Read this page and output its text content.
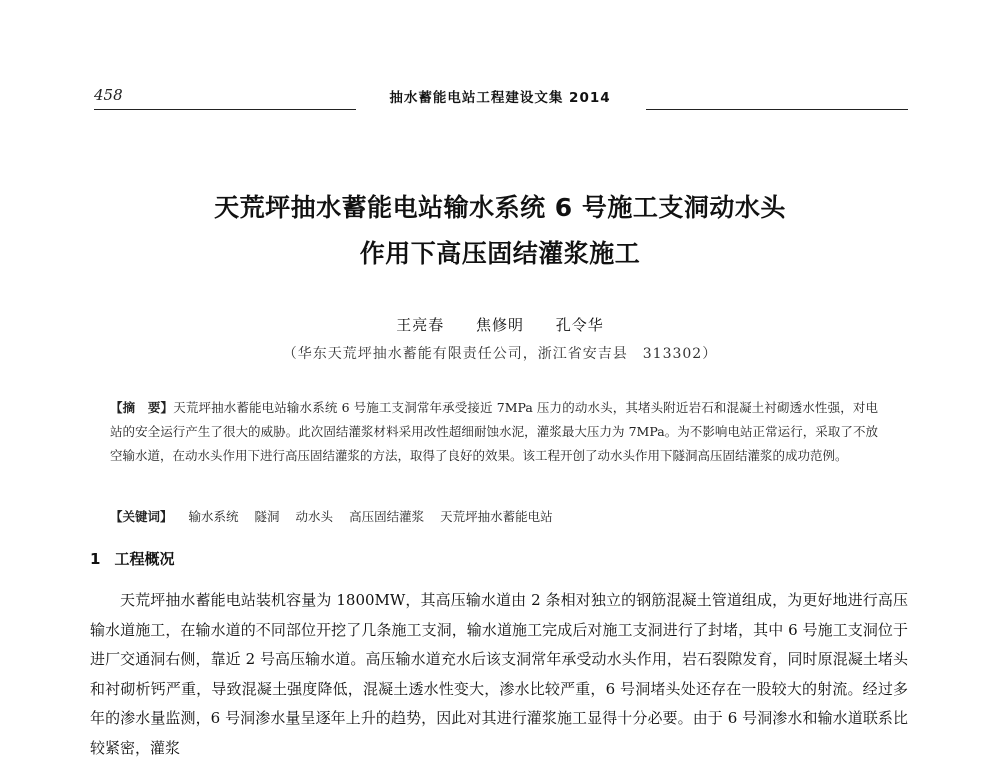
458	抽水蓄能电站工程建设文集 2014
天荒坪抽水蓄能电站输水系统 6 号施工支洞动水头
作用下高压固结灌浆施工
王亮春 焦修明 孔令华
（华东天荒坪抽水蓄能有限责任公司，浙江省安吉县　313302）
【摘　要】天荒坪抽水蓄能电站输水系统 6 号施工支洞常年承受接近 7MPa 压力的动水头，其堵头附近岩石和混凝土衬砌透水性强，对电站的安全运行产生了很大的威胁。此次固结灌浆材料采用改性超细耐蚀水泥，灌浆最大压力为 7MPa。为不影响电站正常运行，采取了不放空输水道，在动水头作用下进行高压固结灌浆的方法，取得了良好的效果。该工程开创了动水头作用下隧洞高压固结灌浆的成功范例。
【关键词】 输水系统 隧洞 动水头 高压固结灌浆 天荒坪抽水蓄能电站
1 工程概况
天荒坪抽水蓄能电站装机容量为 1800MW，其高压输水道由 2 条相对独立的钢筋混凝土管道组成，为更好地进行高压输水道施工，在输水道的不同部位开挖了几条施工支洞，输水道施工完成后对施工支洞进行了封堵，其中 6 号施工支洞位于进厂交通洞右侧，靠近 2 号高压输水道。高压输水道充水后该支洞常年承受动水头作用，岩石裂隙发育，同时原混凝土堵头和衬砌析钙严重，导致混凝土强度降低，混凝土透水性变大，渗水比较严重，6 号洞堵头处还存在一股较大的射流。经过多年的渗水量监测，6 号洞渗水量呈逐年上升的趋势，因此对其进行灌浆施工显得十分必要。由于 6 号洞渗水和输水道联系比较紧密，灌浆
